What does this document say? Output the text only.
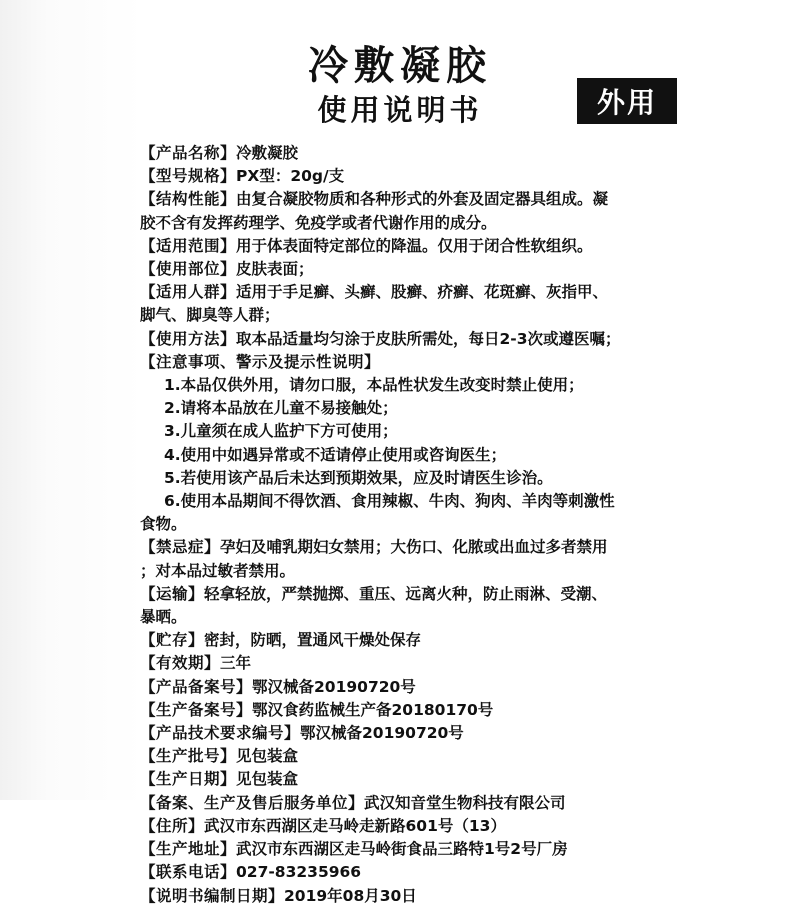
冷敷凝胶
使用说明书	外用
【产品名称】冷敷凝胶
【型号规格】PX型：20g/支
【结构性能】由复合凝胶物质和各种形式的外套及固定器具组成。凝
胶不含有发挥药理学、免疫学或者代谢作用的成分。
【适用范围】用于体表面特定部位的降温。仅用于闭合性软组织。
【使用部位】皮肤表面；
【适用人群】适用于手足癣、头癣、股癣、疥癣、花斑癣、灰指甲、
脚气、脚臭等人群；
【使用方法】取本品适量均匀涂于皮肤所需处，每日2-3次或遵医嘱；
【注意事项、警示及提示性说明】
1.本品仅供外用，请勿口服，本品性状发生改变时禁止使用；
2.请将本品放在儿童不易接触处；
3.儿童须在成人监护下方可使用；
4.使用中如遇异常或不适请停止使用或咨询医生；
5.若使用该产品后未达到预期效果，应及时请医生诊治。
6.使用本品期间不得饮酒、食用辣椒、牛肉、狗肉、羊肉等刺激性
食物。
【禁忌症】孕妇及哺乳期妇女禁用；大伤口、化脓或出血过多者禁用
；对本品过敏者禁用。
【运输】轻拿轻放，严禁抛掷、重压、远离火种，防止雨淋、受潮、
暴晒。
【贮存】密封，防晒，置通风干燥处保存
【有效期】三年
【产品备案号】鄂汉械备20190720号
【生产备案号】鄂汉食药监械生产备20180170号
【产品技术要求编号】鄂汉械备20190720号
【生产批号】见包装盒
【生产日期】见包装盒
【备案、生产及售后服务单位】武汉知音堂生物科技有限公司
【住所】武汉市东西湖区走马岭走新路601号（13）
【生产地址】武汉市东西湖区走马岭街食品三路特1号2号厂房
【联系电话】027-83235966
【说明书编制日期】2019年08月30日
